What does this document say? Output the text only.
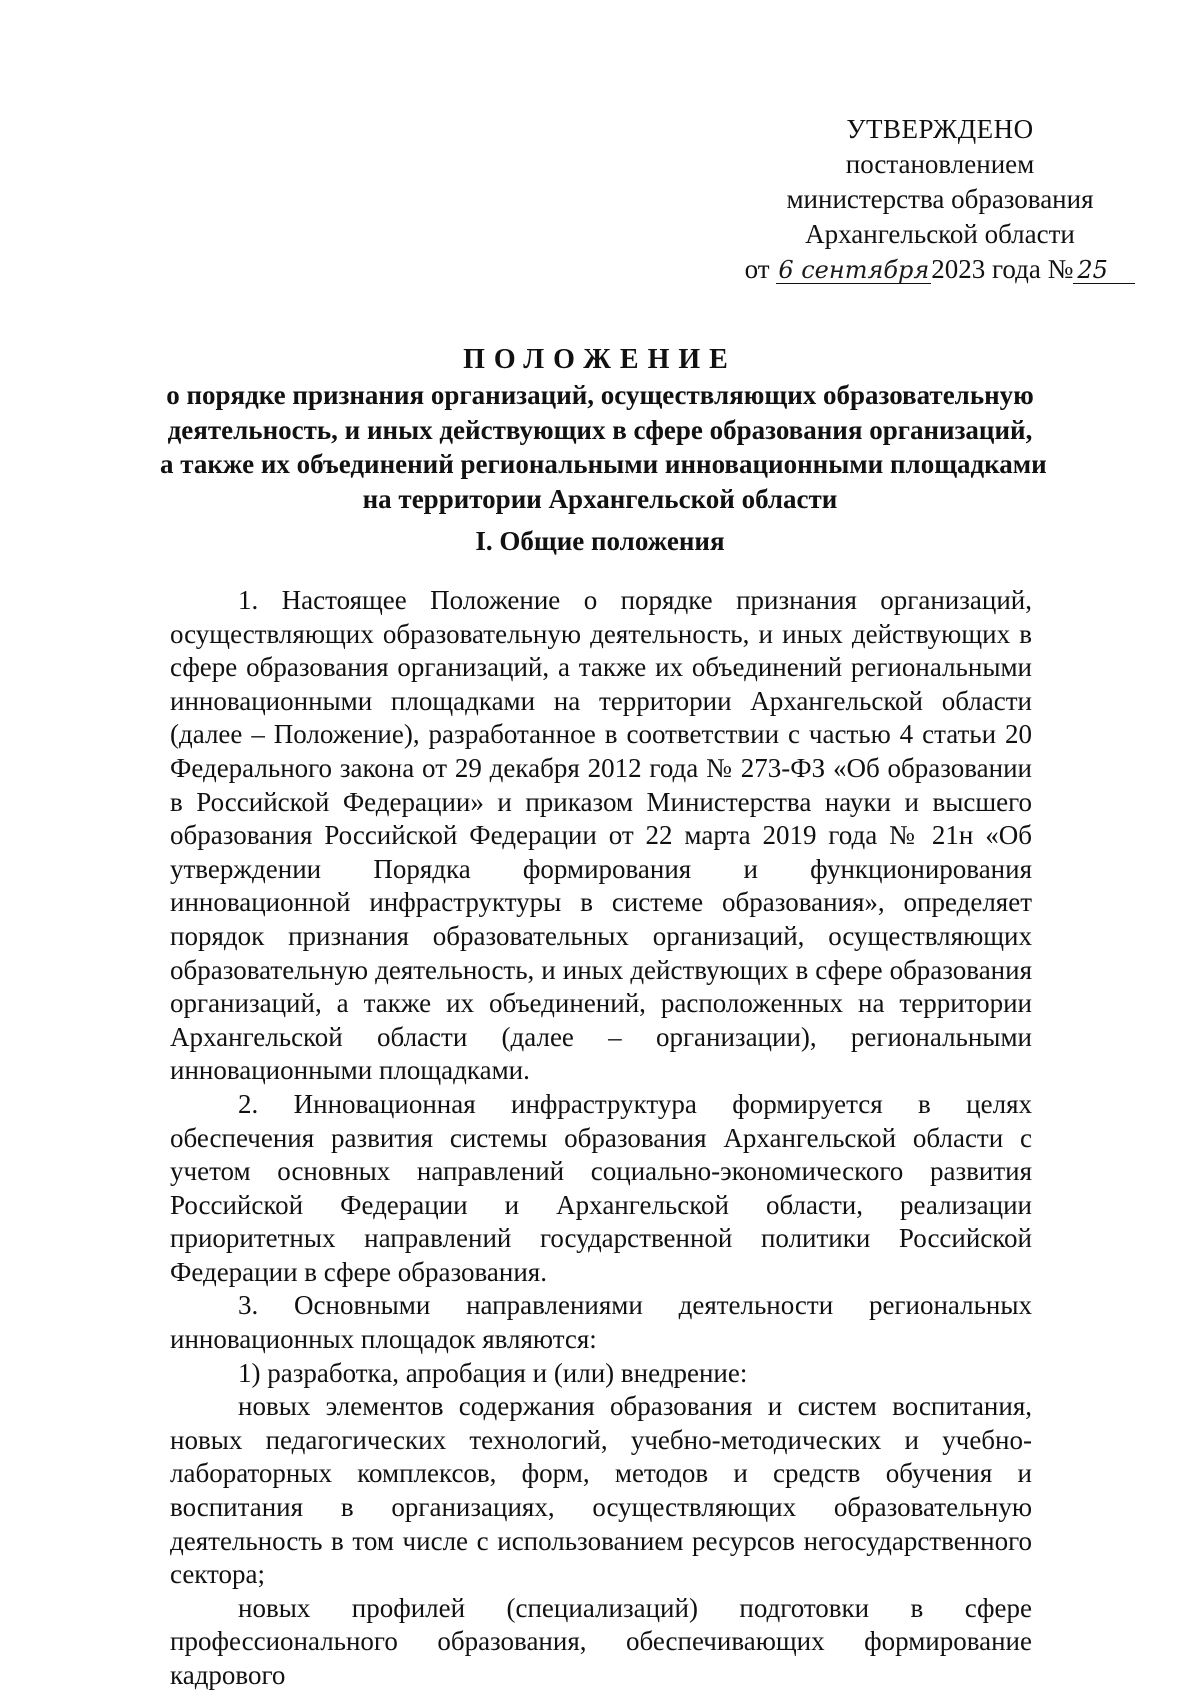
УТВЕРЖДЕНО
постановлением
министерства образования
Архангельской области
от 6 сентября2023 года № 25
ПОЛОЖЕНИЕ
о порядке признания организаций, осуществляющих образовательную
деятельность, и иных действующих в сфере образования организаций,
а также их объединений региональными инновационными площадками
на территории Архангельской области
I. Общие положения

1. Настоящее Положение о порядке признания организаций, осуществляющих образовательную деятельность, и иных действующих в сфере образования организаций, а также их объединений региональными инновационными площадками на территории Архангельской области (далее – Положение), разработанное в соответствии с частью 4 статьи 20 Федерального закона от 29 декабря 2012 года № 273-ФЗ «Об образовании в Российской Федерации» и приказом Министерства науки и высшего образования Российской Федерации от 22 марта 2019 года № 21н «Об утверждении Порядка формирования и функционирования инновационной инфраструктуры в системе образования», определяет порядок признания образовательных организаций, осуществляющих образовательную деятельность, и иных действующих в сфере образования организаций, а также их объединений, расположенных на территории Архангельской области (далее – организации), региональными инновационными площадками.

2. Инновационная инфраструктура формируется в целях обеспечения развития системы образования Архангельской области с учетом основных направлений социально-экономического развития Российской Федерации и Архангельской области, реализации приоритетных направлений государственной политики Российской Федерации в сфере образования.

3. Основными направлениями деятельности региональных инновационных площадок являются:

1) разработка, апробация и (или) внедрение:

новых элементов содержания образования и систем воспитания, новых педагогических технологий, учебно-методических и учебно-лабораторных комплексов, форм, методов и средств обучения и воспитания в организациях, осуществляющих образовательную деятельность в том числе с использованием ресурсов негосударственного сектора;

новых профилей (специализаций) подготовки в сфере профессионального образования, обеспечивающих формирование кадрового
